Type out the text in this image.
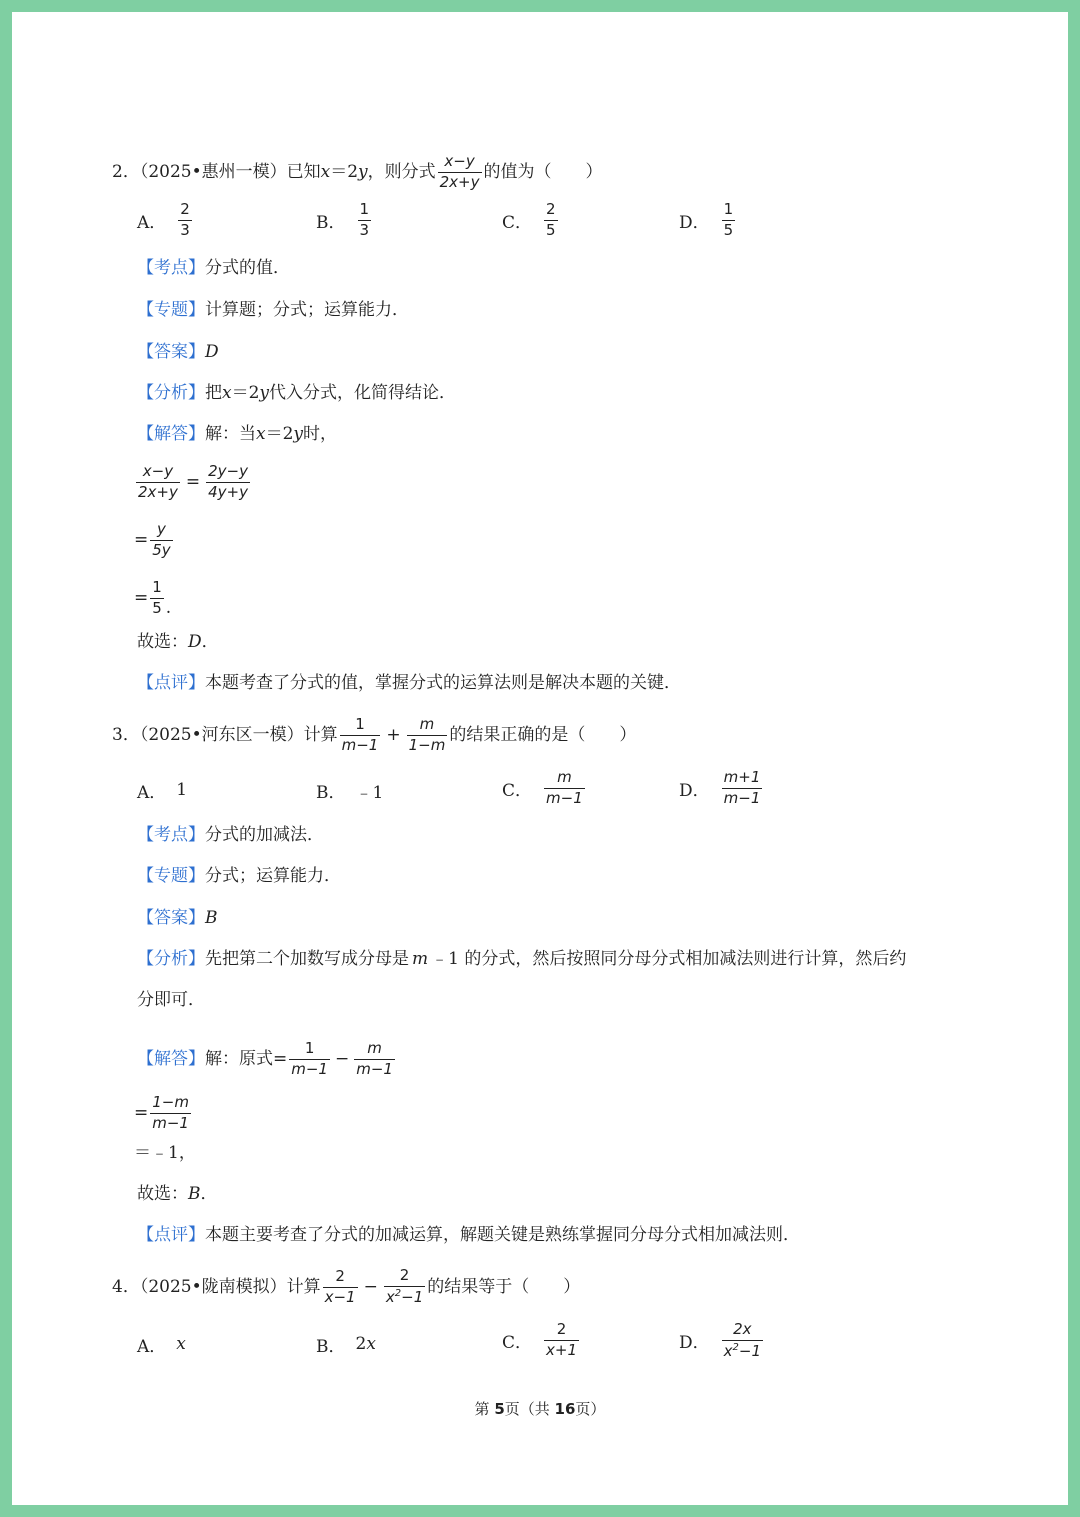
2．（2025•惠州一模）已知 x ＝2 y ，则分式 $\frac{x-y}{2x+y}$ 的值为（　　）
A． $\frac{2}{3}$	B． $\frac{1}{3}$	C． $\frac{2}{5}$	D． $\frac{1}{5}$
【考点】 分式的值．
【专题】 计算题；分式；运算能力．
【答案】 D
【分析】 把 x ＝2 y 代入分式，化简得结论．
【解答】 解：当 x ＝2 y 时，
$\frac{x-y}{2x+y} = \frac{2y-y}{4y+y}$
= $\frac{y}{5y}$
= $\frac{1}{5}$ .
故选： D ．
【点评】 本题考查了分式的值，掌握分式的运算法则是解决本题的关键．
3．（2025•河东区一模）计算 $\frac{1}{m-1} + \frac{m}{1-m}$ 的结果正确的是（　　）
A． 1	B． ﹣1	C． $\frac{m}{m-1}$	D． $\frac{m+1}{m-1}$
【考点】 分式的加减法．
【专题】 分式；运算能力．
【答案】 B
【分析】 先把第二个加数写成分母是 m ﹣1 的分式，然后按照同分母分式相加减法则进行计算，然后约
分即可．
【解答】 解：原式= $\frac{1}{m-1} - \frac{m}{m-1}$
= $\frac{1-m}{m-1}$
＝﹣1，
故选： B ．
【点评】 本题主要考查了分式的加减运算，解题关键是熟练掌握同分母分式相加减法则．
4．（2025•陇南模拟）计算 $\frac{2}{x-1} - \frac{2}{x^2-1}$ 的结果等于（　　）
A． x	B． 2 x	C． $\frac{2}{x+1}$	D． $\frac{2x}{x^2-1}$
第 5页（共 16页）
